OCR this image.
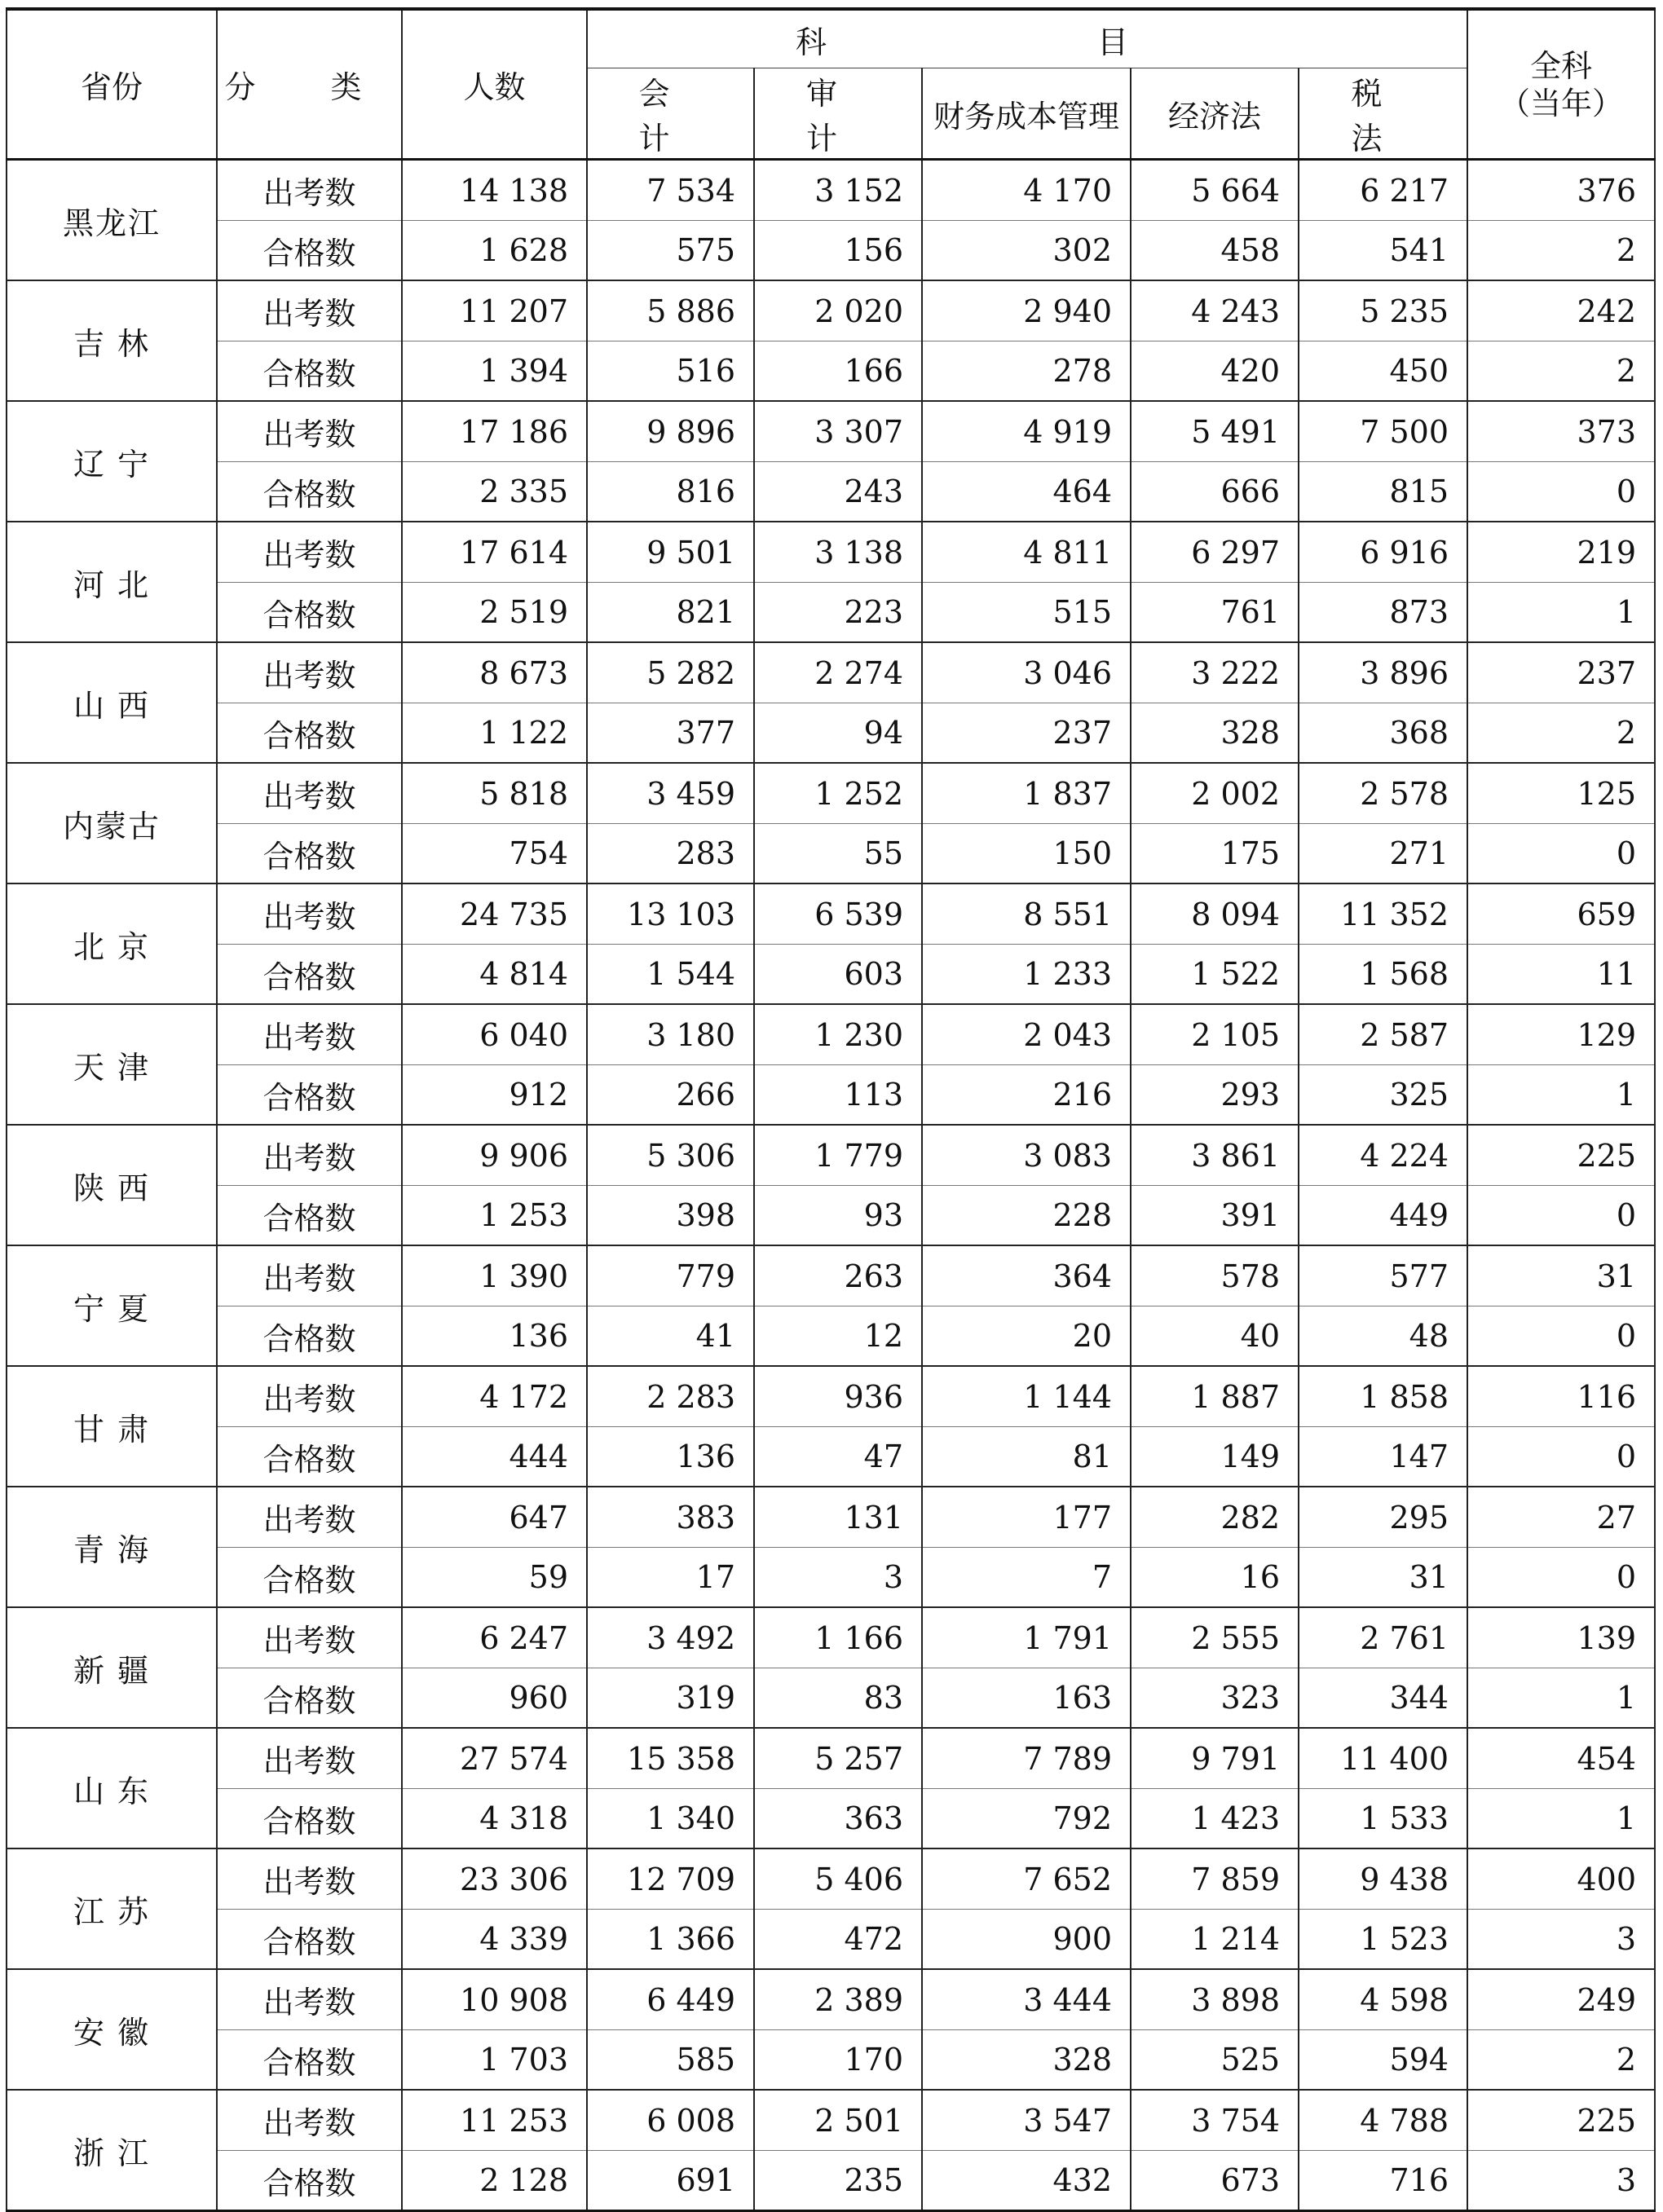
省份	分 类	人数	科 目					全科
（当年）

			会 计	审 计	财务成本管理	经济法	税 法	
黑龙江	出考数	14 138	7 534	3 152	4 170	5 664	6 217	376
	合格数	1 628	575	156	302	458	541	2
吉 林	出考数	11 207	5 886	2 020	2 940	4 243	5 235	242
	合格数	1 394	516	166	278	420	450	2
辽 宁	出考数	17 186	9 896	3 307	4 919	5 491	7 500	373
	合格数	2 335	816	243	464	666	815	0
河 北	出考数	17 614	9 501	3 138	4 811	6 297	6 916	219
	合格数	2 519	821	223	515	761	873	1
山 西	出考数	8 673	5 282	2 274	3 046	3 222	3 896	237
	合格数	1 122	377	94	237	328	368	2
内蒙古	出考数	5 818	3 459	1 252	1 837	2 002	2 578	125
	合格数	754	283	55	150	175	271	0
北 京	出考数	24 735	13 103	6 539	8 551	8 094	11 352	659
	合格数	4 814	1 544	603	1 233	1 522	1 568	11
天 津	出考数	6 040	3 180	1 230	2 043	2 105	2 587	129
	合格数	912	266	113	216	293	325	1
陕 西	出考数	9 906	5 306	1 779	3 083	3 861	4 224	225
	合格数	1 253	398	93	228	391	449	0
宁 夏	出考数	1 390	779	263	364	578	577	31
	合格数	136	41	12	20	40	48	0
甘 肃	出考数	4 172	2 283	936	1 144	1 887	1 858	116
	合格数	444	136	47	81	149	147	0
青 海	出考数	647	383	131	177	282	295	27
	合格数	59	17	3	7	16	31	0
新 疆	出考数	6 247	3 492	1 166	1 791	2 555	2 761	139
	合格数	960	319	83	163	323	344	1
山 东	出考数	27 574	15 358	5 257	7 789	9 791	11 400	454
	合格数	4 318	1 340	363	792	1 423	1 533	1
江 苏	出考数	23 306	12 709	5 406	7 652	7 859	9 438	400
	合格数	4 339	1 366	472	900	1 214	1 523	3
安 徽	出考数	10 908	6 449	2 389	3 444	3 898	4 598	249
	合格数	1 703	585	170	328	525	594	2
浙 江	出考数	11 253	6 008	2 501	3 547	3 754	4 788	225
	合格数	2 128	691	235	432	673	716	3
